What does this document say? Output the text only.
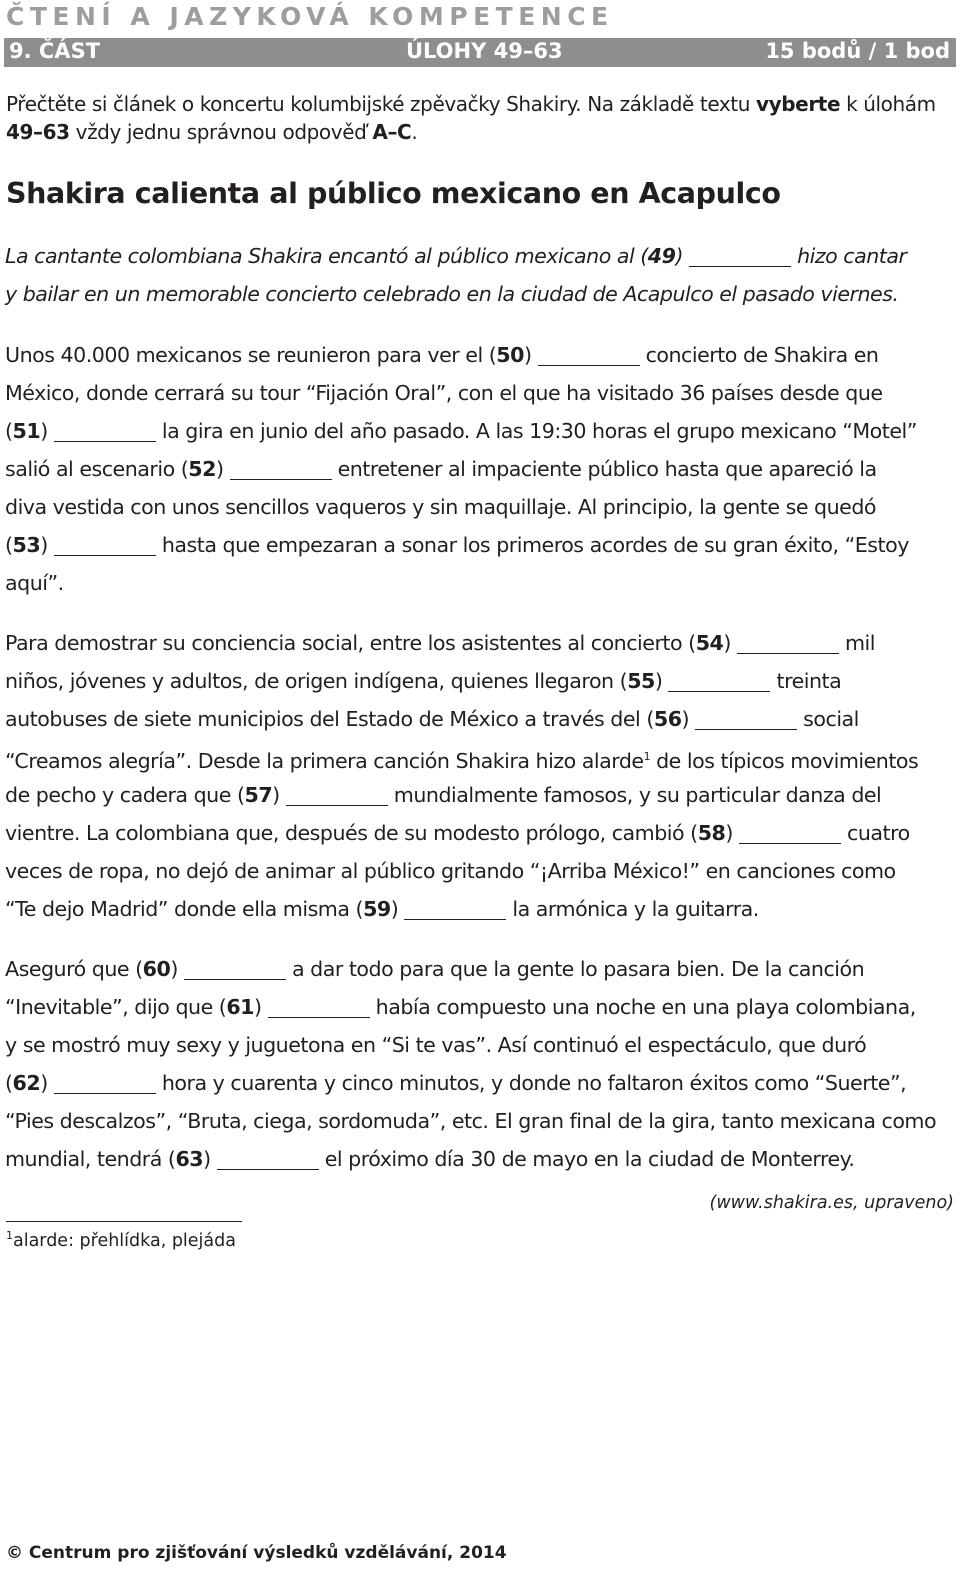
ČTENÍ A JAZYKOVÁ KOMPETENCE
9. ČÁST	ÚLOHY 49–63	15 bodů / 1 bod
Přečtěte si článek o koncertu kolumbijské zpěvačky Shakiry. Na základě textu vyberte k úlohám 49–63 vždy jednu správnou odpověď A–C.
Shakira calienta al público mexicano en Acapulco
La cantante colombiana Shakira encantó al público mexicano al (49)	hizo cantar
y bailar en un memorable concierto celebrado en la ciudad de Acapulco el pasado viernes.
Unos 40.000 mexicanos se reunieron para ver el (50)	concierto de Shakira en
México, donde cerrará su tour “Fijación Oral”, con el que ha visitado 36 países desde que
(51)	la gira en junio del año pasado. A las 19:30 horas el grupo mexicano “Motel”
salió al escenario (52)	entretener al impaciente público hasta que apareció la
diva vestida con unos sencillos vaqueros y sin maquillaje. Al principio, la gente se quedó
(53)	hasta que empezaran a sonar los primeros acordes de su gran éxito, “Estoy
aquí”.
Para demostrar su conciencia social, entre los asistentes al concierto (54)	mil
niños, jóvenes y adultos, de origen indígena, quienes llegaron (55)	treinta
autobuses de siete municipios del Estado de México a través del (56)	social
“Creamos alegría”. Desde la primera canción Shakira hizo alarde$^1$ de los típicos movimientos
de pecho y cadera que (57)	mundialmente famosos, y su particular danza del
vientre. La colombiana que, después de su modesto prólogo, cambió (58)	cuatro
veces de ropa, no dejó de animar al público gritando “¡Arriba México!” en canciones como
“Te dejo Madrid” donde ella misma (59)	la armónica y la guitarra.
Aseguró que (60)	a dar todo para que la gente lo pasara bien. De la canción
“Inevitable”, dijo que (61)	había compuesto una noche en una playa colombiana,
y se mostró muy sexy y juguetona en “Si te vas”. Así continuó el espectáculo, que duró
(62)	hora y cuarenta y cinco minutos, y donde no faltaron éxitos como “Suerte”,
“Pies descalzos”, “Bruta, ciega, sordomuda”, etc. El gran final de la gira, tanto mexicana como
mundial, tendrá (63)	el próximo día 30 de mayo en la ciudad de Monterrey.
(www.shakira.es, upraveno)
$^1$alarde: přehlídka, plejáda
© Centrum pro zjišťování výsledků vzdělávání, 2014
